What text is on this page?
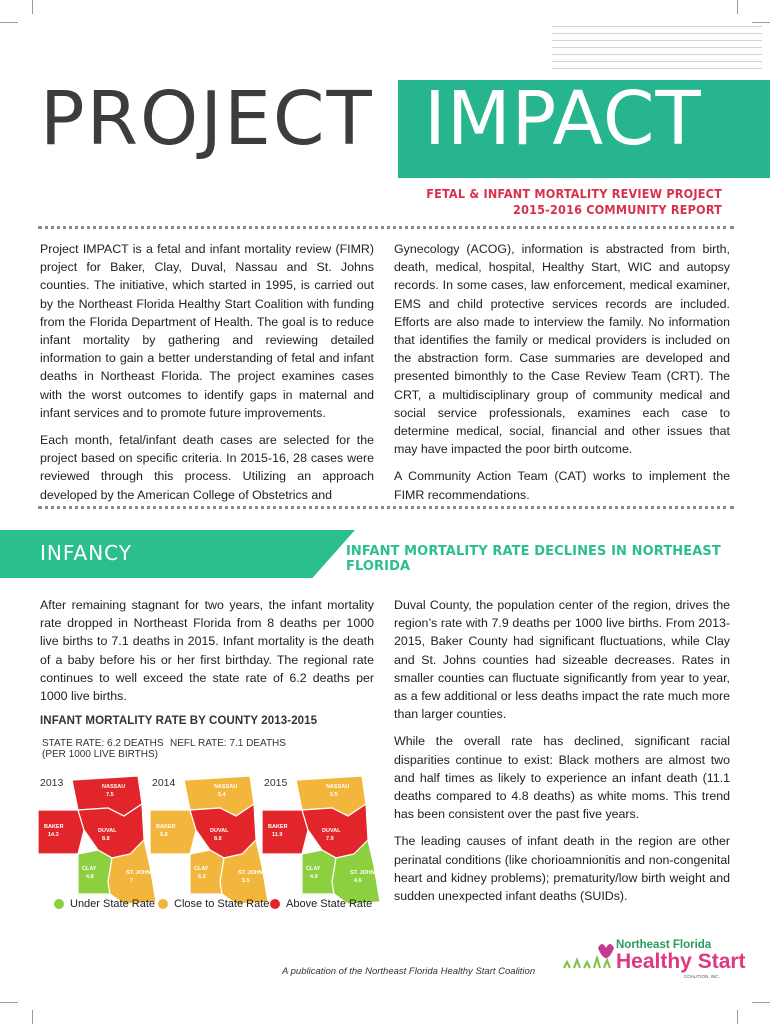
PROJECT IMPACT
FETAL & INFANT MORTALITY REVIEW PROJECT
2015-2016 COMMUNITY REPORT

Project IMPACT is a fetal and infant mortality review (FIMR) project for Baker, Clay, Duval, Nassau and St. Johns counties. The initiative, which started in 1995, is carried out by the Northeast Florida Healthy Start Coalition with funding from the Florida Department of Health. The goal is to reduce infant mortality by gathering and reviewing detailed information to gain a better understanding of fetal and infant deaths in Northeast Florida. The project examines cases with the worst outcomes to identify gaps in maternal and infant services and to promote future improvements.

Each month, fetal/infant death cases are selected for the project based on specific criteria. In 2015-16, 28 cases were reviewed through this process. Utilizing an approach developed by the American College of Obstetrics and

Gynecology (ACOG), information is abstracted from birth, death, medical, hospital, Healthy Start, WIC and autopsy records. In some cases, law enforcement, medical examiner, EMS and child protective services records are included. Efforts are also made to interview the family. No information that identifies the family or medical providers is included on the abstraction form. Case summaries are developed and presented bimonthly to the Case Review Team (CRT). The CRT, a multidisciplinary group of community medical and social service professionals, examines each case to determine medical, social, financial and other issues that may have impacted the poor birth outcome.

A Community Action Team (CAT) works to implement the FIMR recommendations.

INFANCY	INFANT MORTALITY RATE DECLINES IN NORTHEAST FLORIDA

After remaining stagnant for two years, the infant mortality rate dropped in Northeast Florida from 8 deaths per 1000 live births to 7.1 deaths in 2015. Infant mortality is the death of a baby before his or her first birthday. The regional rate continues to well exceed the state rate of 6.2 deaths per 1000 live births.

Duval County, the population center of the region, drives the region’s rate with 7.9 deaths per 1000 live births. From 2013- 2015, Baker County had significant fluctuations, while Clay and St. Johns counties had sizeable decreases. Rates in smaller counties can fluctuate significantly from year to year, as a few additional or less deaths impact the rate much more than larger counties.

While the overall rate has declined, significant racial disparities continue to exist: Black mothers are almost two and half times as likely to experience an infant death (11.1 deaths compared to 4.8 deaths) as white moms. This trend has been consistent over the past five years.

The leading causes of infant death in the region are other perinatal conditions (like chorioamnionitis and non-congenital heart and kidney problems); prematurity/low birth weight and sudden unexpected infant deaths (SUIDs).

INFANT MORTALITY RATE BY COUNTY 2013-2015
STATE RATE: 6.2 DEATHS
(PER 1000 LIVE BIRTHS)
NEFL RATE: 7.1 DEATHS
2013	NASSAU
7.5
BAKER
14.3
DUVAL
8.8
CLAY
4.8
ST. JOHNS
7
2014	NASSAU
5.4
BAKER
5.8
DUVAL
8.8
CLAY
6.2
ST. JOHNS
5.5
2015	NASSAU
5.5
BAKER
11.9
DUVAL
7.9
CLAY
4.9
ST. JOHNS
4.6
Under State Rate Close to State Rate Above State Rate
A publication of the Northeast Florida Healthy Start Coalition
Northeast Florida
Healthy Start
COALITION, INC.
